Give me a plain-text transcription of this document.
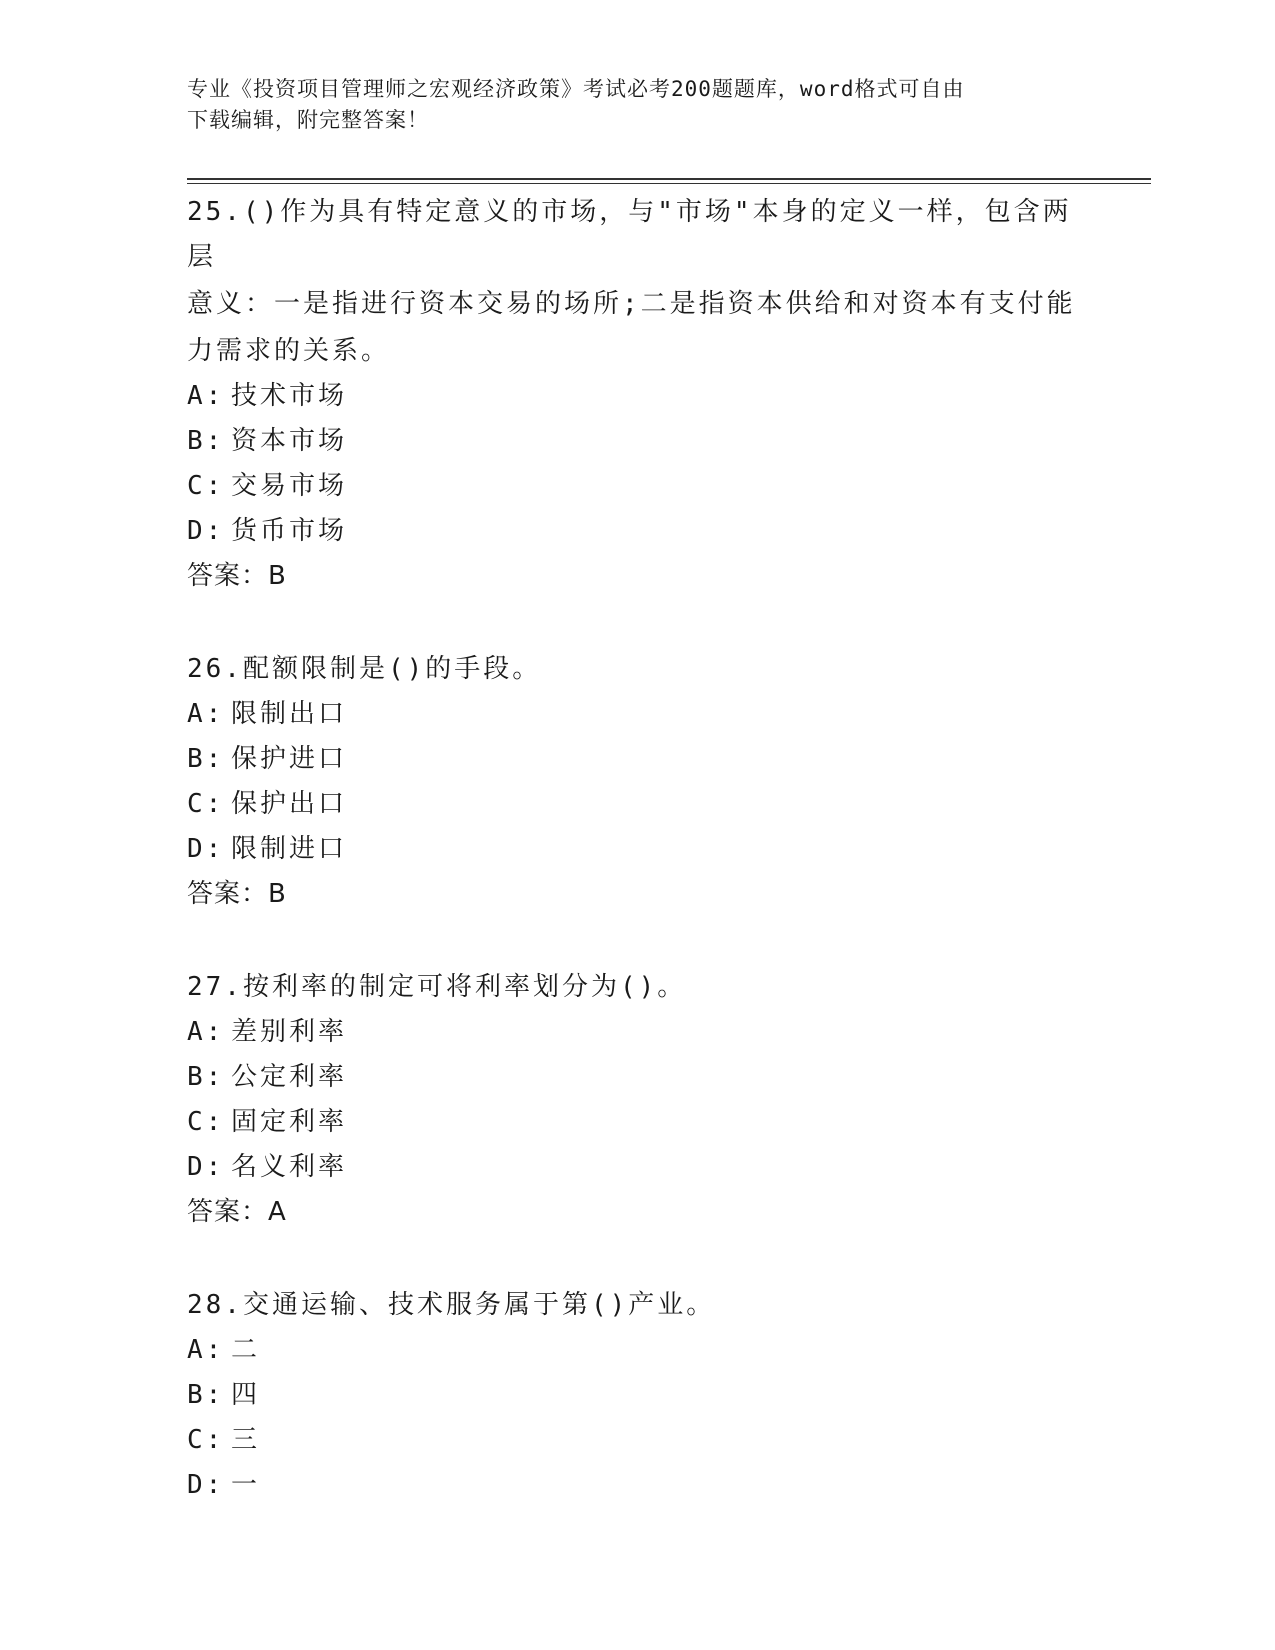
专业《投资项目管理师之宏观经济政策》考试必考200题题库，word格式可自由
下载编辑，附完整答案！

25.()作为具有特定意义的市场，与"市场"本身的定义一样，包含两层

意义：一是指进行资本交易的场所;二是指资本供给和对资本有支付能

力需求的关系。

A: 技术市场

B: 资本市场

C: 交易市场

D: 货币市场

答案：B

26.配额限制是()的手段。

A: 限制出口

B: 保护进口

C: 保护出口

D: 限制进口

答案：B

27.按利率的制定可将利率划分为()。

A: 差别利率

B: 公定利率

C: 固定利率

D: 名义利率

答案：A

28.交通运输、技术服务属于第()产业。

A: 二

B: 四

C: 三

D: 一
